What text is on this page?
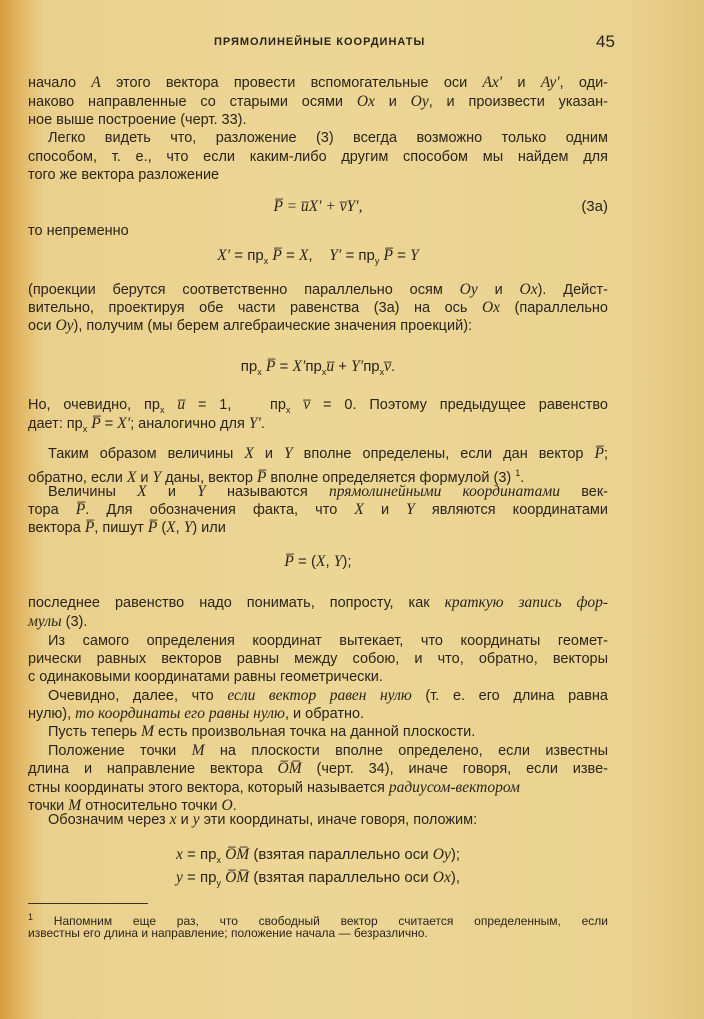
ПРЯМОЛИНЕЙНЫЕ КООРДИНАТЫ	45
начало A этого вектора провести вспомогательные оси Ax′ и Ay′, оди-
наково направленные со старыми осями Ox и Oy, и произвести указан-
ное выше построение (черт. 33).
Легко видеть что, разложение (3) всегда возможно только одним
способом, т. е., что если каким-либо другим способом мы найдем для
того же вектора разложение
то непременно
(проекции берутся соответственно параллельно осям Oy и Ox). Дейст-
вительно, проектируя обе части равенства (3а) на ось Ox (параллельно
оси Oy), получим (мы берем алгебраические значения проекций):
Но, очевидно, $пр_x$ u̅ = 1,   $пр_x$ v̅ = 0. Поэтому предыдущее равенство
дает: $пр_x$ P̅ = X′; аналогично для Y′.
Таким образом величины X и Y вполне определены, если дан вектор P̅;
обратно, если X и Y даны, вектор P̅ вполне определяется формулой (3) $^1$.
Величины X и Y называются прямолинейными координатами век-
тора P̅. Для обозначения факта, что X и Y являются координатами
вектора P̅, пишут P̅ (X, Y) или
последнее равенство надо понимать, попросту, как краткую запись фор-
мулы (3).
Из самого определения координат вытекает, что координаты геомет-
рически равных векторов равны между собою, и что, обратно, векторы
с одинаковыми координатами равны геометрически.
Очевидно, далее, что если вектор равен нулю (т. е. его длина равна
нулю), то координаты его равны нулю, и обратно.
Пусть теперь M есть произвольная точка на данной плоскости.
Положение точки M на плоскости вполне определено, если известны
длина и направление вектора O̅M̅ (черт. 34), иначе говоря, если изве-
стны координаты этого вектора, который называется радиусом-вектором
точки M относительно точки O.
Обозначим через x и y эти координаты, иначе говоря, положим:
P̅ = u̅X′ + v̅Y′,	(3а)
$X' = пр_x$ P̅ = X,    $Y' = пр_y$ P̅ = Y
$пр_x$ P̅ = $X'пр_xu̅$ + $Y'пр_xv̅$.
P̅ = (X, Y);
$x = пр_x$ O̅M̅ (взятая параллельно оси Oy);
$y = пр_y$ O̅M̅ (взятая параллельно оси Ox),
$^1$ Напомним еще раз, что свободный вектор считается определенным, если
известны его длина и направление; положение начала — безразлично.
